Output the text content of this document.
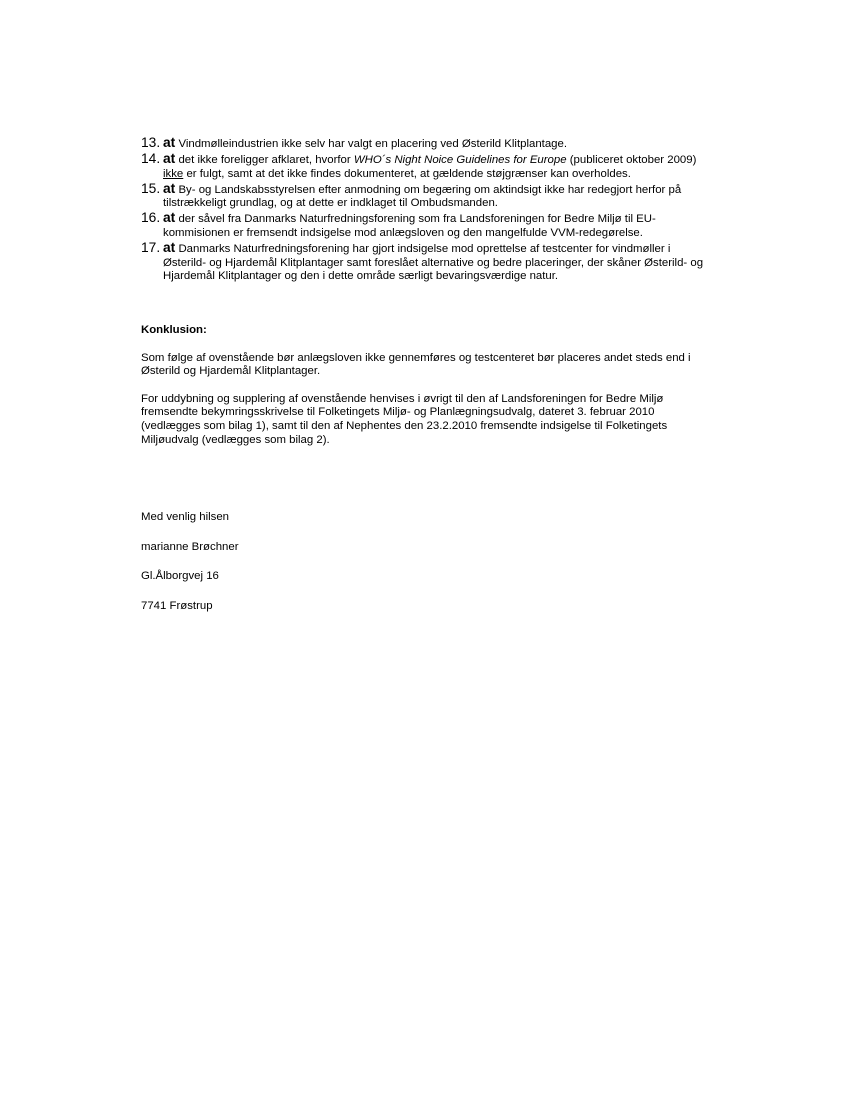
13. at Vindmølleindustrien ikke selv har valgt en placering ved Østerild Klitplantage.
14. at det ikke foreligger afklaret, hvorfor WHO´s Night Noice Guidelines for Europe (publiceret oktober 2009) ikke er fulgt, samt at det ikke findes dokumenteret, at gældende støjgrænser kan overholdes.
15. at By- og Landskabsstyrelsen efter anmodning om begæring om aktindsigt ikke har redegjort herfor på tilstrækkeligt grundlag, og at dette er indklaget til Ombudsmanden.
16. at der såvel fra Danmarks Naturfredningsforening som fra Landsforeningen for Bedre Miljø til EU-kommisionen er fremsendt indsigelse mod anlægsloven og den mangelfulde VVM-redegørelse.
17. at Danmarks Naturfredningsforening har gjort indsigelse mod oprettelse af testcenter for vindmøller i Østerild- og Hjardemål Klitplantager samt foreslået alternative og bedre placeringer, der skåner Østerild- og Hjardemål Klitplantager og den i dette område særligt bevaringsværdige natur.
Konklusion:

Som følge af ovenstående bør anlægsloven ikke gennemføres og testcenteret bør placeres andet steds end i Østerild og Hjardemål Klitplantager.

For uddybning og supplering af ovenstående henvises i øvrigt til den af Landsforeningen for Bedre Miljø fremsendte bekymringsskrivelse til Folketingets Miljø- og Planlægningsudvalg, dateret 3. februar 2010 (vedlægges som bilag 1), samt til den af Nephentes den 23.2.2010 fremsendte indsigelse til Folketingets Miljøudvalg (vedlægges som bilag 2).

Med venlig hilsen
marianne Brøchner
Gl.Ålborgvej 16
7741 Frøstrup
